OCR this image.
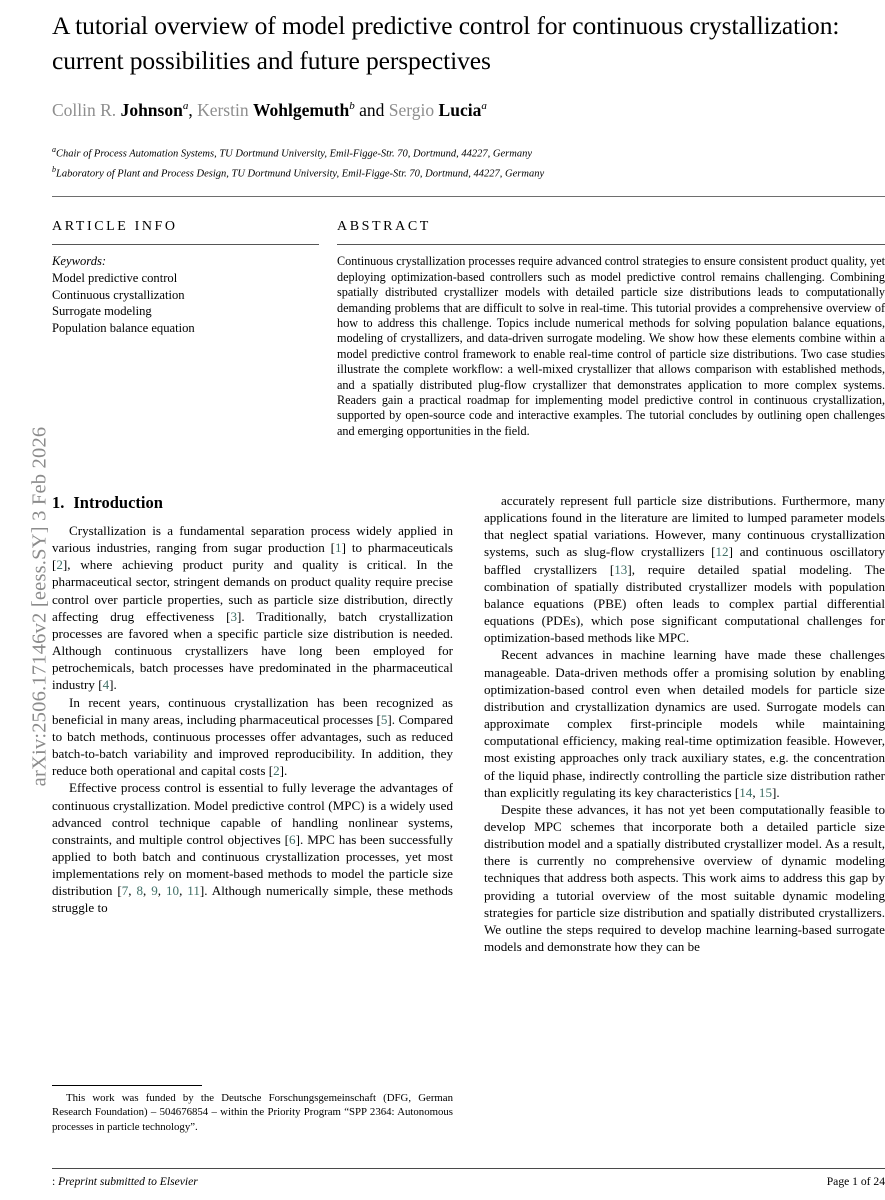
arXiv:2506.17146v2 [eess.SY] 3 Feb 2026
A tutorial overview of model predictive control for continuous crystallization: current possibilities and future perspectives
Collin R. Johnson$^a$, Kerstin Wohlgemuth$^b$ and Sergio Lucia$^a$
$^a$Chair of Process Automation Systems, TU Dortmund University, Emil-Figge-Str. 70, Dortmund, 44227, Germany
$^b$Laboratory of Plant and Process Design, TU Dortmund University, Emil-Figge-Str. 70, Dortmund, 44227, Germany
ARTICLE INFO
Keywords:
Model predictive control
Continuous crystallization
Surrogate modeling
Population balance equation
ABSTRACT

Continuous crystallization processes require advanced control strategies to ensure consistent product quality, yet deploying optimization-based controllers such as model predictive control remains challenging. Combining spatially distributed crystallizer models with detailed particle size distributions leads to computationally demanding problems that are difficult to solve in real-time. This tutorial provides a comprehensive overview of how to address this challenge. Topics include numerical methods for solving population balance equations, modeling of crystallizers, and data-driven surrogate modeling. We show how these elements combine within a model predictive control framework to enable real-time control of particle size distributions. Two case studies illustrate the complete workflow: a well-mixed crystallizer that allows comparison with established methods, and a spatially distributed plug-flow crystallizer that demonstrates application to more complex systems. Readers gain a practical roadmap for implementing model predictive control in continuous crystallization, supported by open-source code and interactive examples. The tutorial concludes by outlining open challenges and emerging opportunities in the field.

1. Introduction

Crystallization is a fundamental separation process widely applied in various industries, ranging from sugar production [1] to pharmaceuticals [2], where achieving product purity and quality is critical. In the pharmaceutical sector, stringent demands on product quality require precise control over particle properties, such as particle size distribution, directly affecting drug effectiveness [3]. Traditionally, batch crystallization processes are favored when a specific particle size distribution is needed. Although continuous crystallizers have long been employed for petrochemicals, batch processes have predominated in the pharmaceutical industry [4].

In recent years, continuous crystallization has been recognized as beneficial in many areas, including pharmaceutical processes [5]. Compared to batch methods, continuous processes offer advantages, such as reduced batch-to-batch variability and improved reproducibility. In addition, they reduce both operational and capital costs [2].

Effective process control is essential to fully leverage the advantages of continuous crystallization. Model predictive control (MPC) is a widely used advanced control technique capable of handling nonlinear systems, constraints, and multiple control objectives [6]. MPC has been successfully applied to both batch and continuous crystallization processes, yet most implementations rely on moment-based methods to model the particle size distribution [7, 8, 9, 10, 11]. Although numerically simple, these methods struggle to

accurately represent full particle size distributions. Furthermore, many applications found in the literature are limited to lumped parameter models that neglect spatial variations. However, many continuous crystallization systems, such as slug-flow crystallizers [12] and continuous oscillatory baffled crystallizers [13], require detailed spatial modeling. The combination of spatially distributed crystallizer models with population balance equations (PBE) often leads to complex partial differential equations (PDEs), which pose significant computational challenges for optimization-based methods like MPC.

Recent advances in machine learning have made these challenges manageable. Data-driven methods offer a promising solution by enabling optimization-based control even when detailed models for particle size distribution and crystallization dynamics are used. Surrogate models can approximate complex first-principle models while maintaining computational efficiency, making real-time optimization feasible. However, most existing approaches only track auxiliary states, e.g. the concentration of the liquid phase, indirectly controlling the particle size distribution rather than explicitly regulating its key characteristics [14, 15].

Despite these advances, it has not yet been computationally feasible to develop MPC schemes that incorporate both a detailed particle size distribution model and a spatially distributed crystallizer model. As a result, there is currently no comprehensive overview of dynamic modeling techniques that address both aspects. This work aims to address this gap by providing a tutorial overview of the most suitable dynamic modeling strategies for particle size distribution and spatially distributed crystallizers. We outline the steps required to develop machine learning-based surrogate models and demonstrate how they can be

This work was funded by the Deutsche Forschungsgemeinschaft (DFG, German Research Foundation) – 504676854 – within the Priority Program “SPP 2364: Autonomous processes in particle technology”.

: Preprint submitted to Elsevier	Page 1 of 24
